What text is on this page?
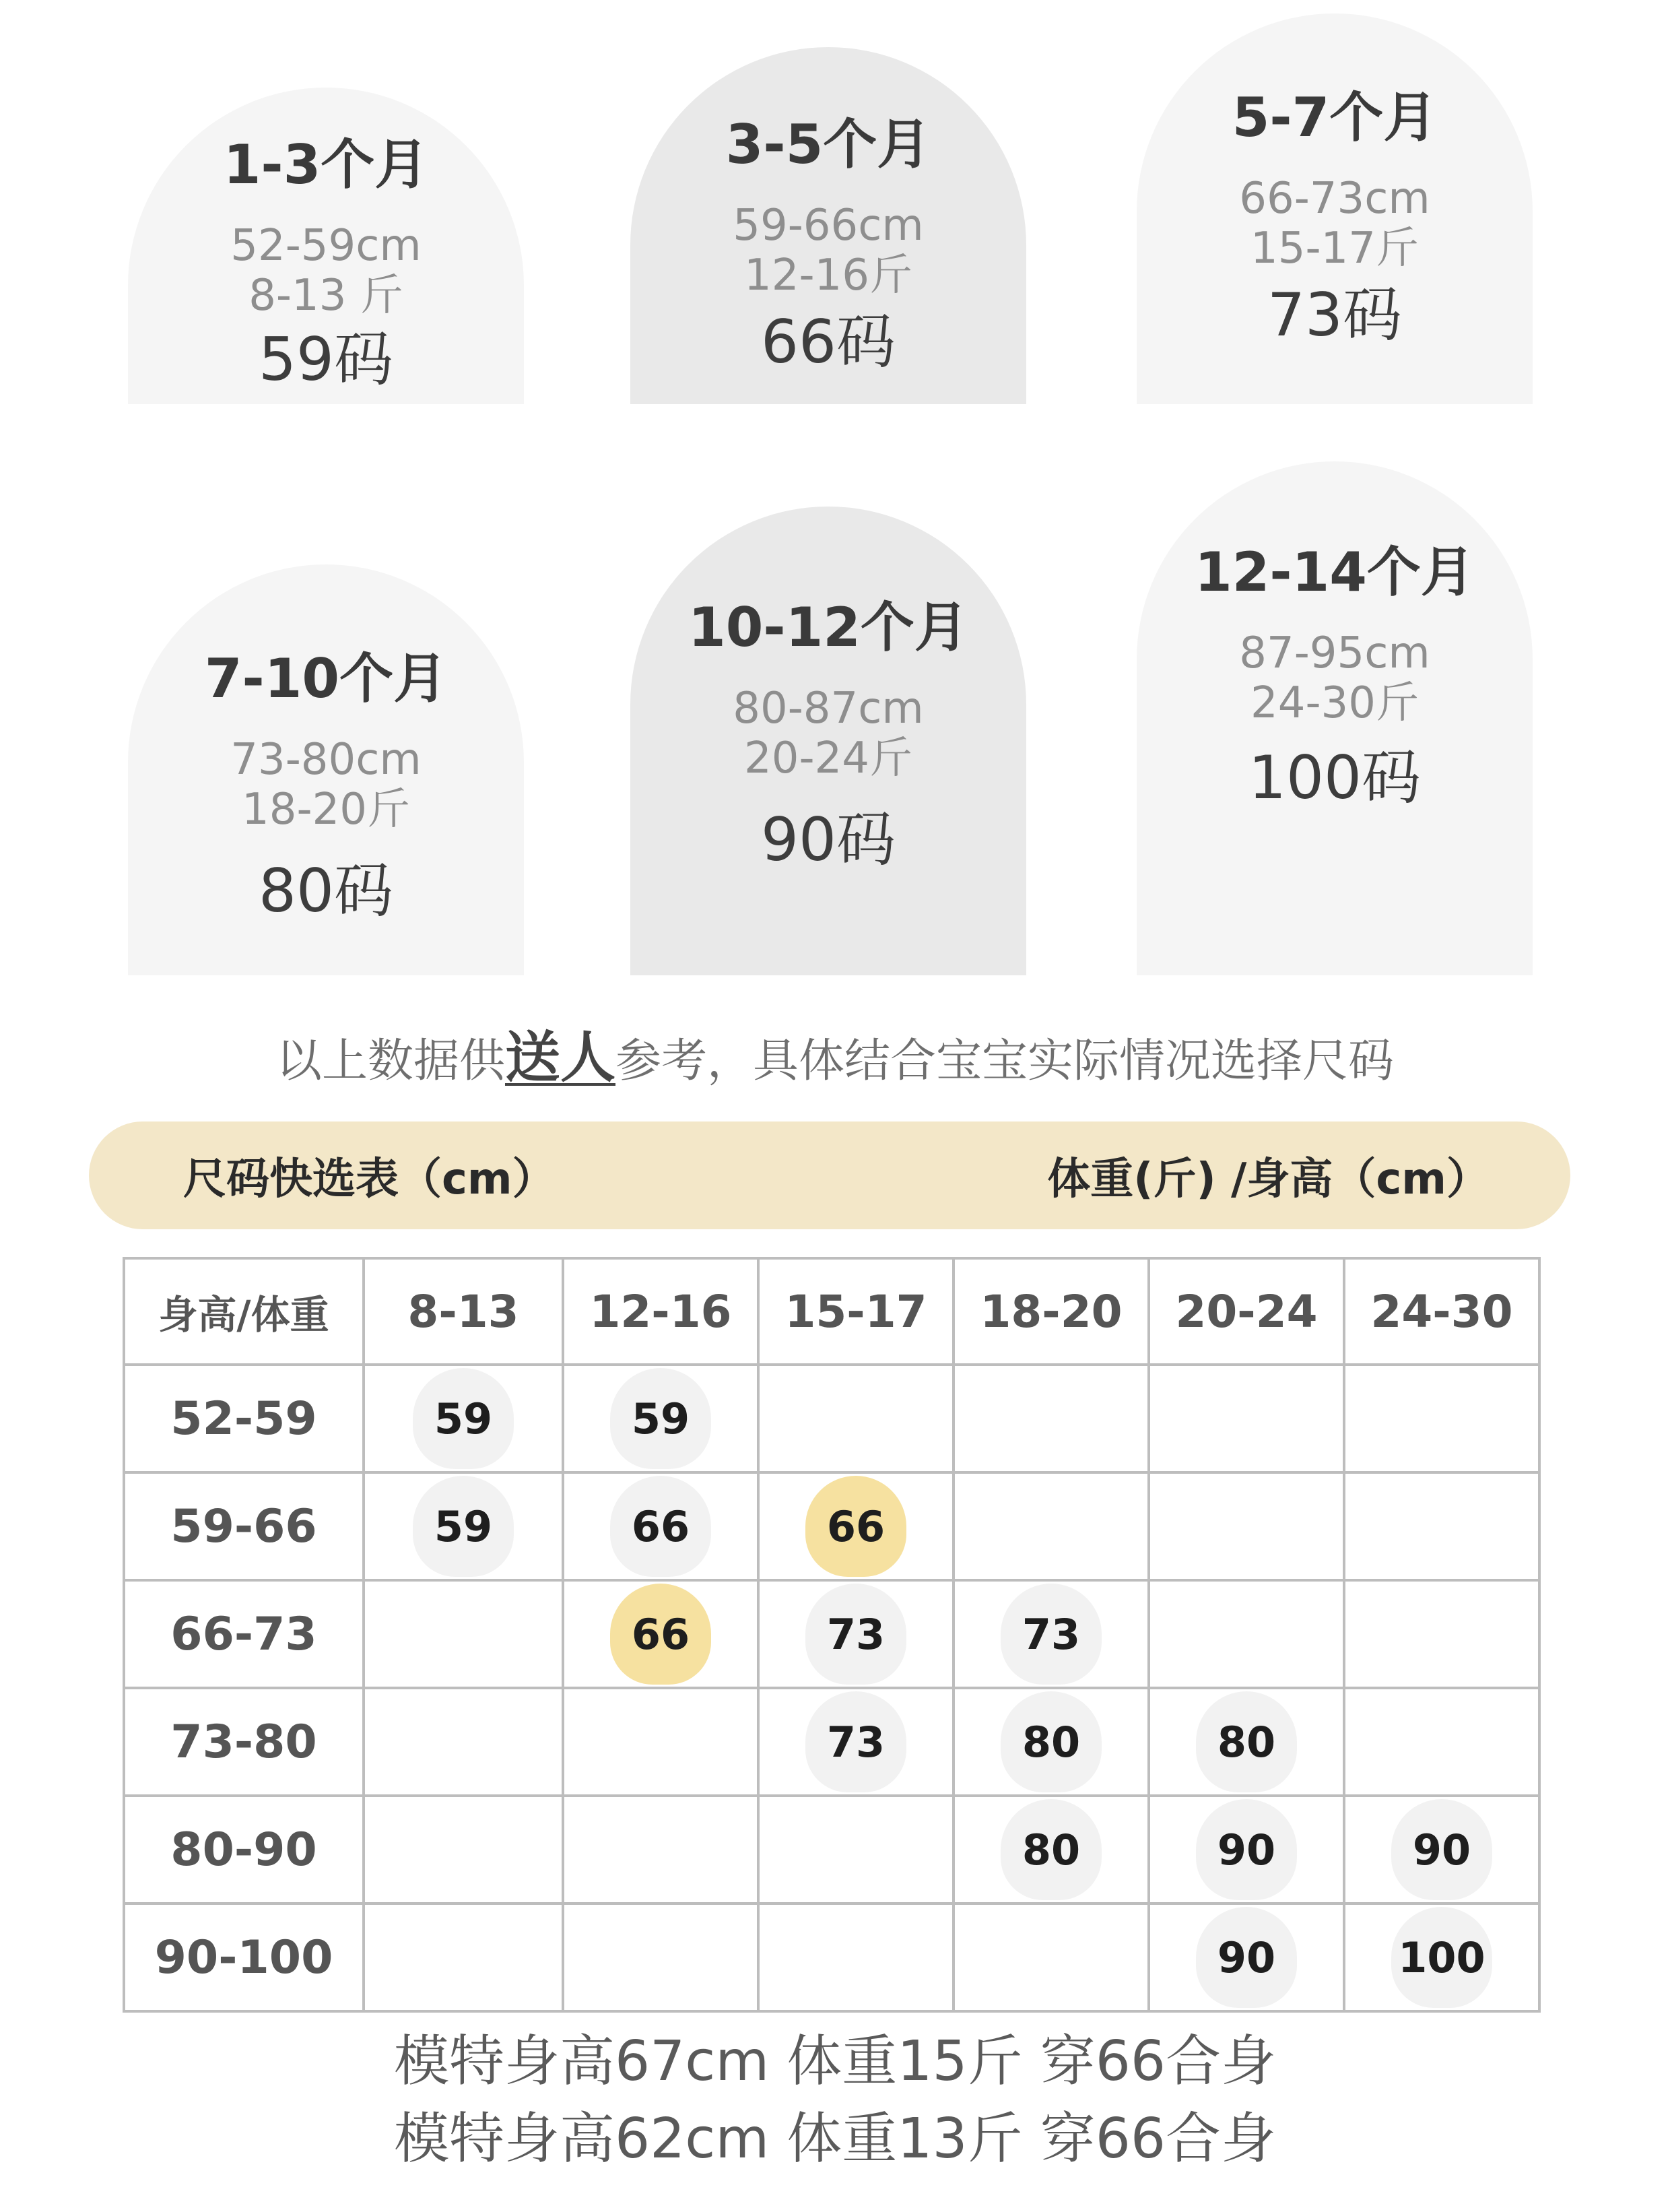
1-3个月
52-59cm
8-13 斤
59码
3-5个月
59-66cm
12-16斤
66码
5-7个月
66-73cm
15-17斤
73码
7-10个月
73-80cm
18-20斤
80码
10-12个月
80-87cm
20-24斤
90码
12-14个月
87-95cm
24-30斤
100码
以上数据供送人参考，具体结合宝宝实际情况选择尺码
尺码快选表（cm）	体重(斤) /身高（cm）
身高/体重	8-13	12-16	15-17	18-20	20-24	24-30
52-59	59	59				
59-66	59	66	66			
66-73		66	73	73		
73-80			73	80	80	
80-90				80	90	90
90-100					90	100
模特身高67cm 体重15斤 穿66合身
模特身高62cm 体重13斤 穿66合身
